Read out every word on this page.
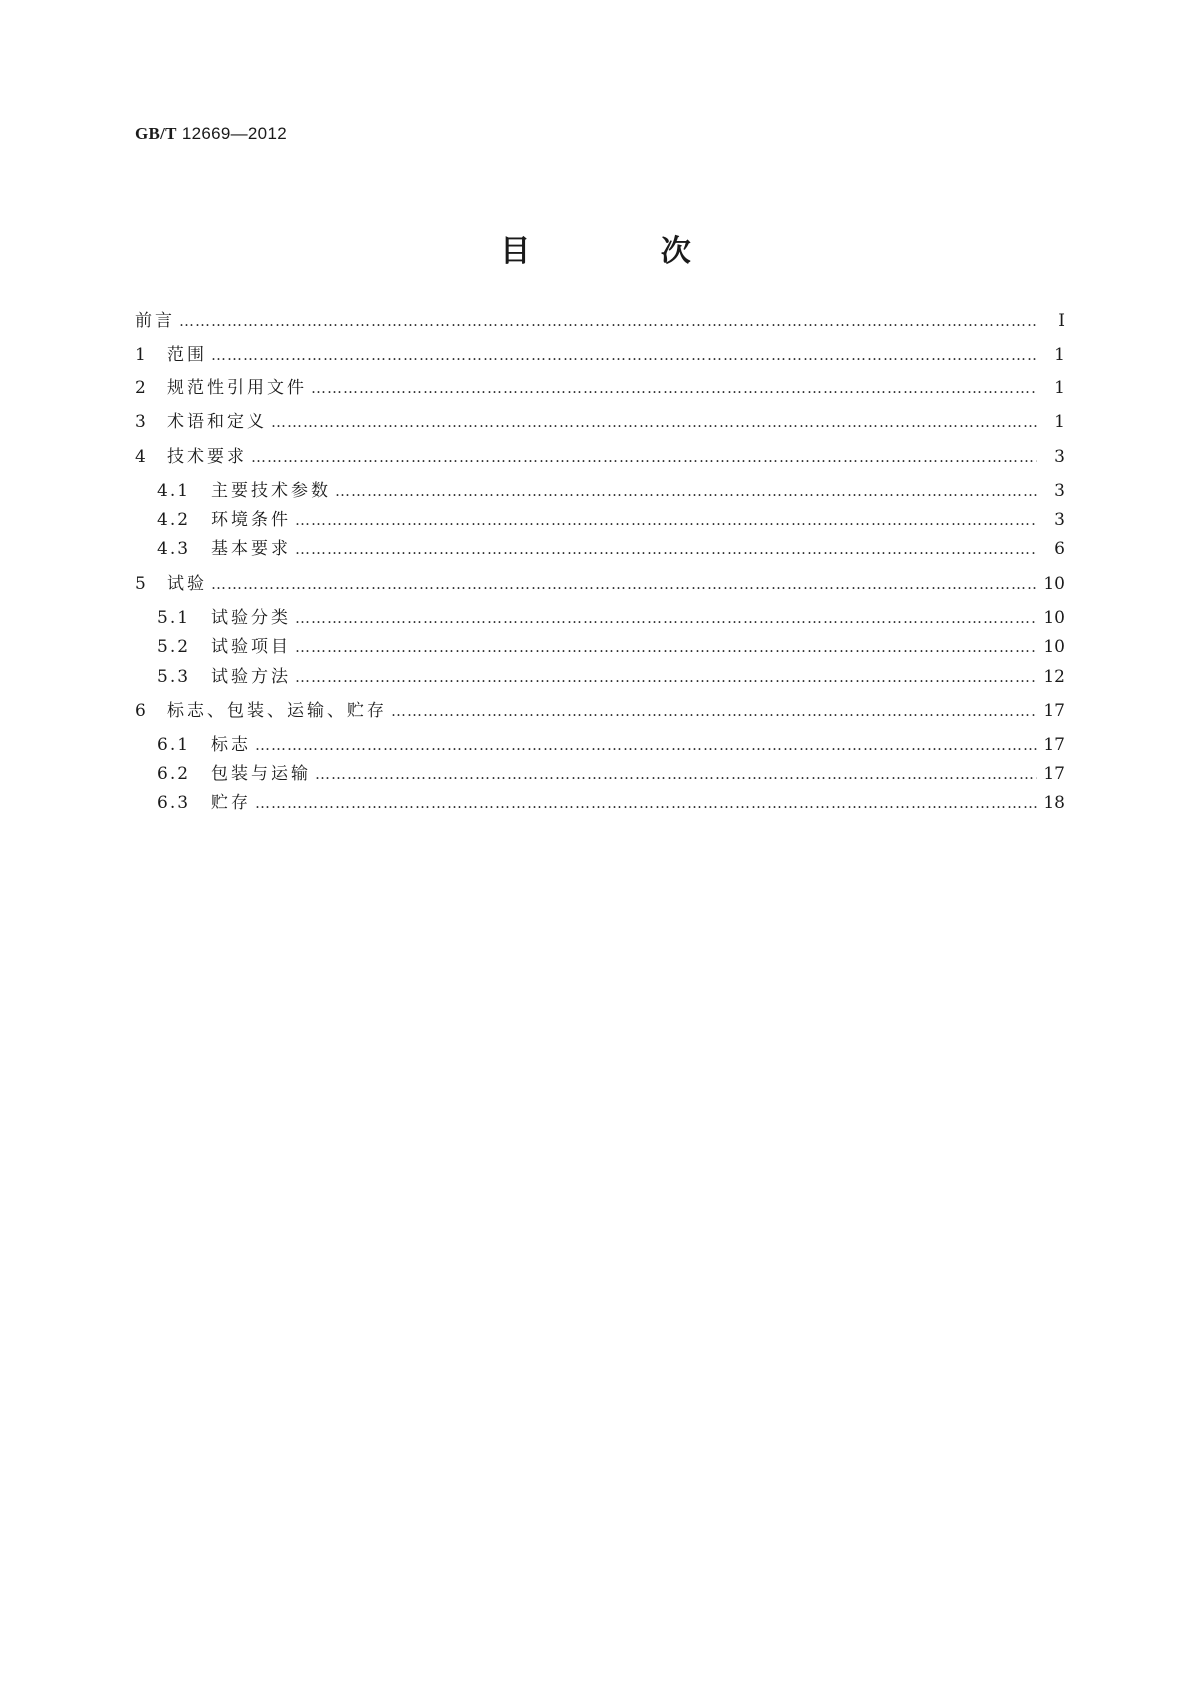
GB/T 12669—2012
目 次
前言 …………………………………………………………………………………………………………………………………………………………………………………………………………………	Ⅰ
1	范围 …………………………………………………………………………………………………………………………………………………………………………………………………………………	1
2	规范性引用文件 …………………………………………………………………………………………………………………………………………………………………………………………………………………	1
3	术语和定义 …………………………………………………………………………………………………………………………………………………………………………………………………………………	1
4	技术要求 …………………………………………………………………………………………………………………………………………………………………………………………………………………	3
4.1	主要技术参数 …………………………………………………………………………………………………………………………………………………………………………………………………………………	3
4.2	环境条件 …………………………………………………………………………………………………………………………………………………………………………………………………………………	3
4.3	基本要求 …………………………………………………………………………………………………………………………………………………………………………………………………………………	6
5	试验 …………………………………………………………………………………………………………………………………………………………………………………………………………………	10
5.1	试验分类 …………………………………………………………………………………………………………………………………………………………………………………………………………………	10
5.2	试验项目 …………………………………………………………………………………………………………………………………………………………………………………………………………………	10
5.3	试验方法 …………………………………………………………………………………………………………………………………………………………………………………………………………………	12
6	标志、包装、运输、贮存 …………………………………………………………………………………………………………………………………………………………………………………………………………………	17
6.1	标志 …………………………………………………………………………………………………………………………………………………………………………………………………………………	17
6.2	包装与运输 …………………………………………………………………………………………………………………………………………………………………………………………………………………	17
6.3	贮存 …………………………………………………………………………………………………………………………………………………………………………………………………………………	18
